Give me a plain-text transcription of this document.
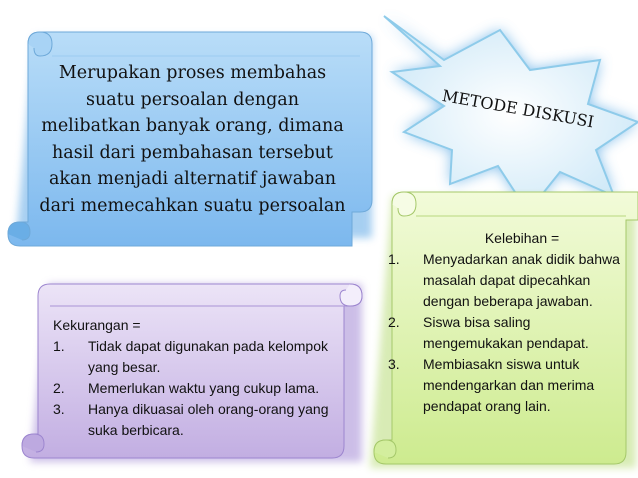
Merupakan proses membahas
suatu persoalan dengan
melibatkan banyak orang, dimana
hasil dari pembahasan tersebut
akan menjadi alternatif jawaban
dari memecahkan suatu persoalan
METODE DISKUSI
Kekurangan =
1. Tidak dapat digunakan pada kelompok yang besar.
2. Memerlukan waktu yang cukup lama.
3. Hanya dikuasai oleh orang-orang yang suka berbicara.
Kelebihan =
1. Menyadarkan anak didik bahwa masalah dapat dipecahkan dengan beberapa jawaban.
2. Siswa bisa saling mengemukakan pendapat.
3. Membiasakn siswa untuk mendengarkan dan merima pendapat orang lain.
